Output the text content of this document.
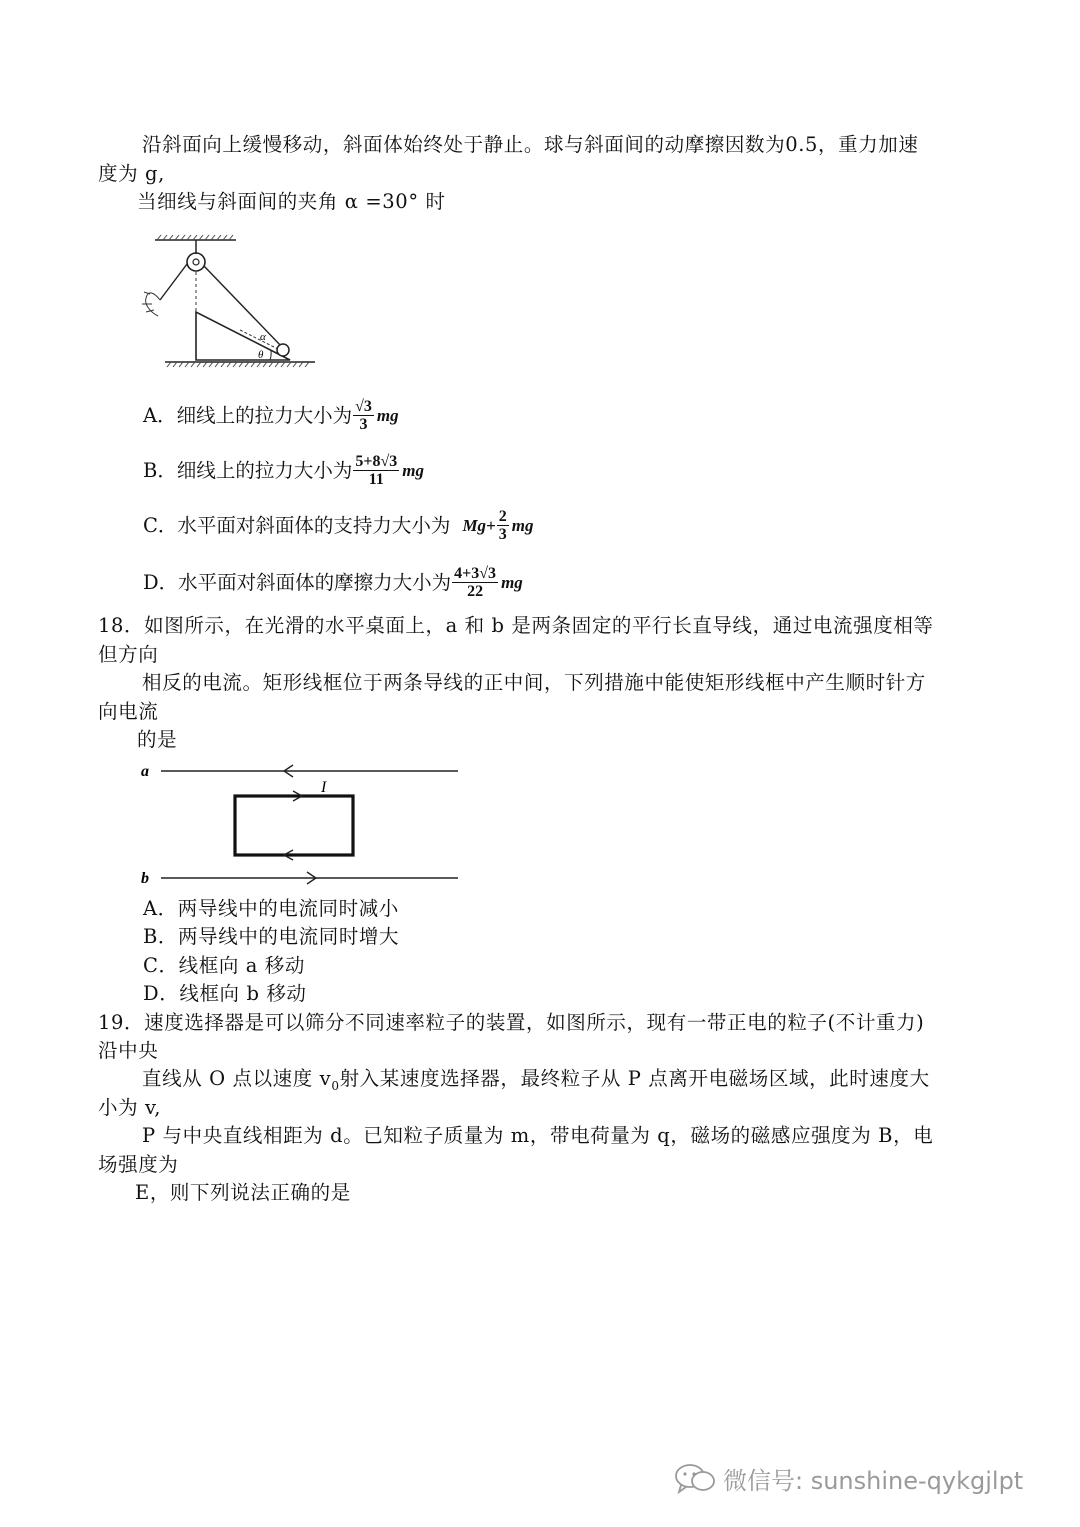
沿斜面向上缓慢移动，斜面体始终处于静止。球与斜面间的动摩擦因数为0.5，重力加速
度为 g,
当细线与斜面间的夹角 α =30° 时
α
θ
A． 细线上的拉力大小为 $\frac{√3}{3}$ mg
B． 细线上的拉力大小为 $\frac{5+8√3}{11}$ mg
C． 水平面对斜面体的支持力大小为 $Mg+ \frac{2}{3}$ mg
D． 水平面对斜面体的摩擦力大小为 $\frac{4+3√3}{22}$ mg
18．如图所示，在光滑的水平桌面上，a 和 b 是两条固定的平行长直导线，通过电流强度相等
但方向
相反的电流。矩形线框位于两条导线的正中间，下列措施中能使矩形线框中产生顺时针方
向电流
的是
a
I
b
A．两导线中的电流同时减小
B．两导线中的电流同时增大
C．线框向 a 移动
D．线框向 b 移动
19．速度选择器是可以筛分不同速率粒子的装置，如图所示，现有一带正电的粒子(不计重力)
沿中央
直线从 O 点以速度 $v_0$射入某速度选择器，最终粒子从 P 点离开电磁场区域，此时速度大
小为 v,
P 与中央直线相距为 d。已知粒子质量为 m，带电荷量为 q，磁场的磁感应强度为 B，电
场强度为
E，则下列说法正确的是
微信号: sunshine-qykgjlpt
